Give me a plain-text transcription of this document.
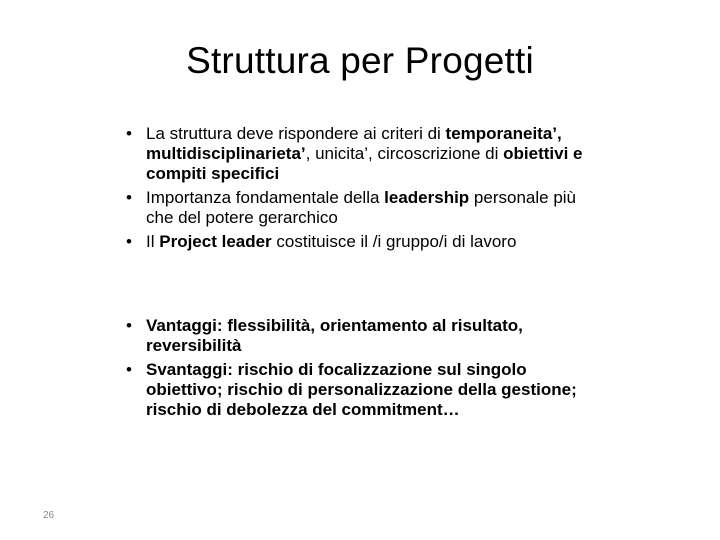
Struttura per Progetti
• La struttura deve rispondere ai criteri di temporaneita’, multidisciplinarieta’, unicita’, circoscrizione di obiettivi e compiti specifici
• Importanza fondamentale della leadership personale più che del potere gerarchico
• Il Project leader costituisce il /i gruppo/i di lavoro
• Vantaggi: flessibilità, orientamento al risultato, reversibilità
• Svantaggi: rischio di focalizzazione sul singolo obiettivo; rischio di personalizzazione della gestione; rischio di debolezza del commitment…
26
